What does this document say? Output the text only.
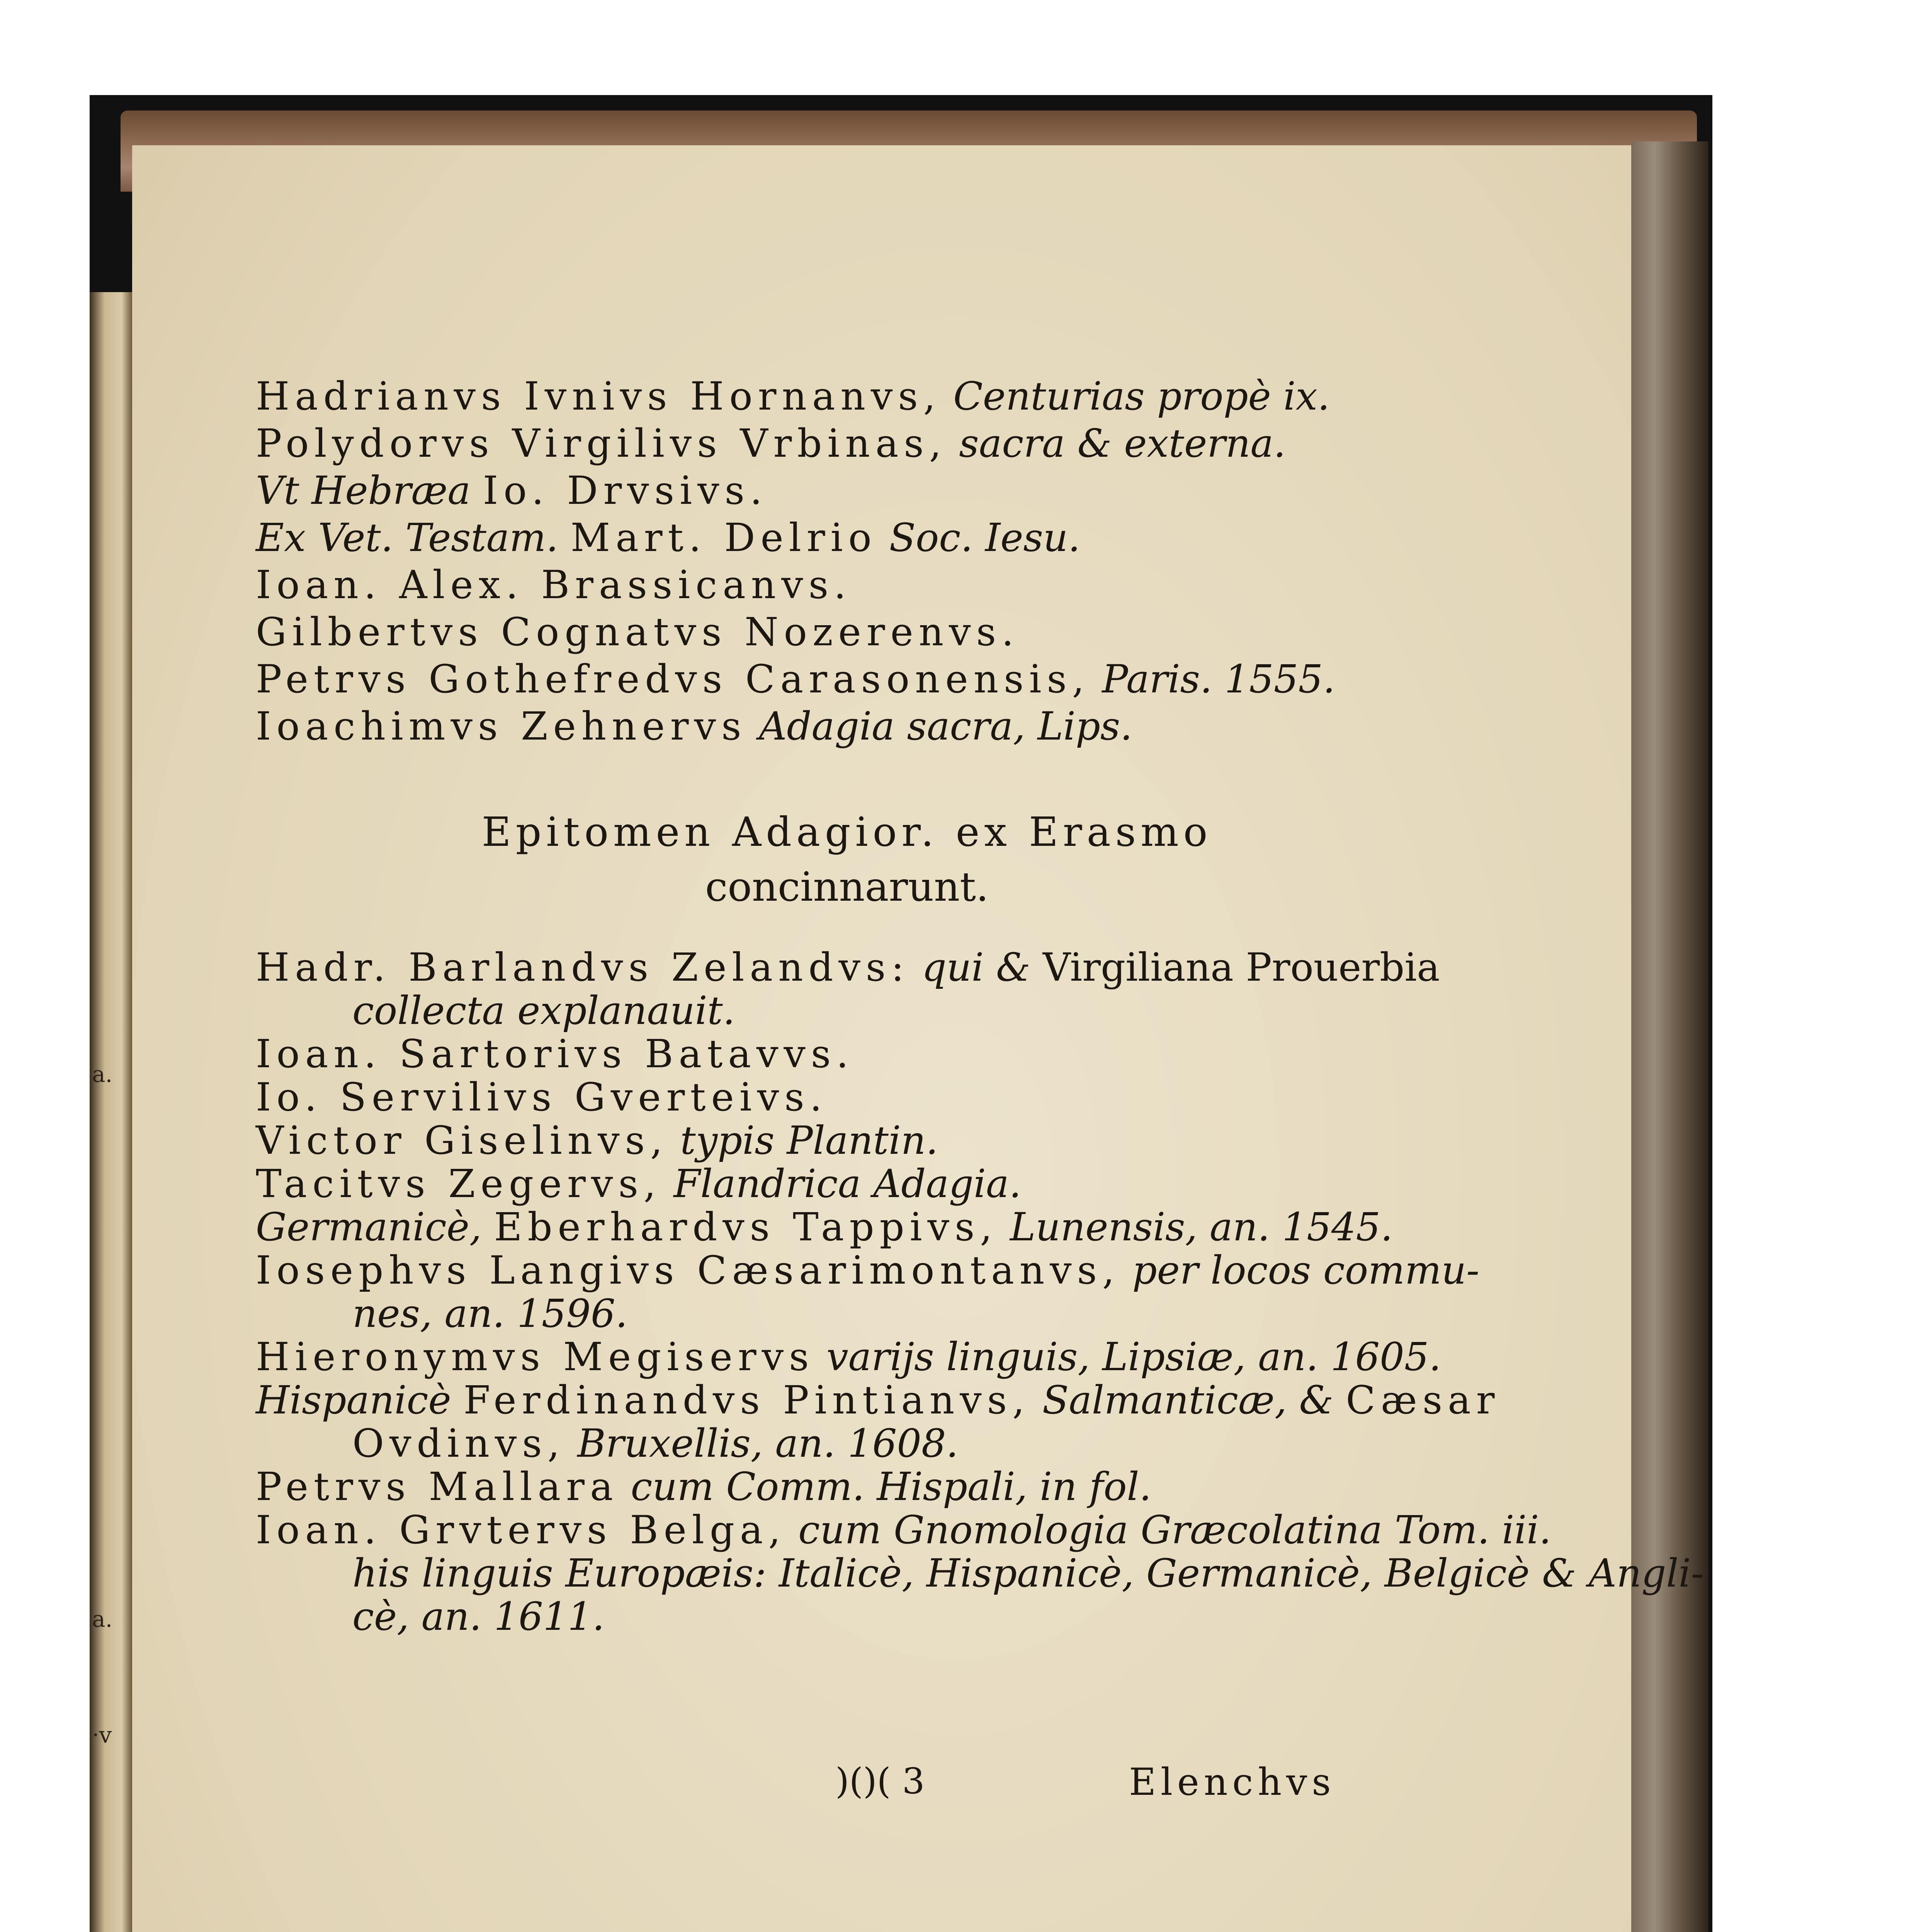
a.
a.
·v
Hadrianvs Ivnivs Hornanvs, Centurias propè ix.
Polydorvs Virgilivs Vrbinas, sacra & externa.
Vt Hebræa Io. Drvsivs.
Ex Vet. Testam. Mart. Delrio Soc. Iesu.
Ioan. Alex. Brassicanvs.
Gilbertvs Cognatvs Nozerenvs.
Petrvs Gothefredvs Carasonensis, Paris. 1555.
Ioachimvs Zehnervs Adagia sacra, Lips.
Epitomen Adagior. ex Erasmo
concinnarunt.
Hadr. Barlandvs Zelandvs: qui & Virgiliana Prouerbia
collecta explanauit.
Ioan. Sartorivs Batavvs.
Io. Servilivs Gverteivs.
Victor Giselinvs, typis Plantin.
Tacitvs Zegervs, Flandrica Adagia.
Germanicè, Eberhardvs Tappivs, Lunensis, an. 1545.
Iosephvs Langivs Cæsarimontanvs, per locos commu-
nes, an. 1596.
Hieronymvs Megiservs varijs linguis, Lipsiæ, an. 1605.
Hispanicè Ferdinandvs Pintianvs, Salmanticæ, & Cæsar
Ovdinvs, Bruxellis, an. 1608.
Petrvs Mallara cum Comm. Hispali, in fol.
Ioan. Grvtervs Belga, cum Gnomologia Græcolatina Tom. iii.
his linguis Europæis: Italicè, Hispanicè, Germanicè, Belgicè & Angli-
cè, an. 1611.
)()( 3	Elenchvs
